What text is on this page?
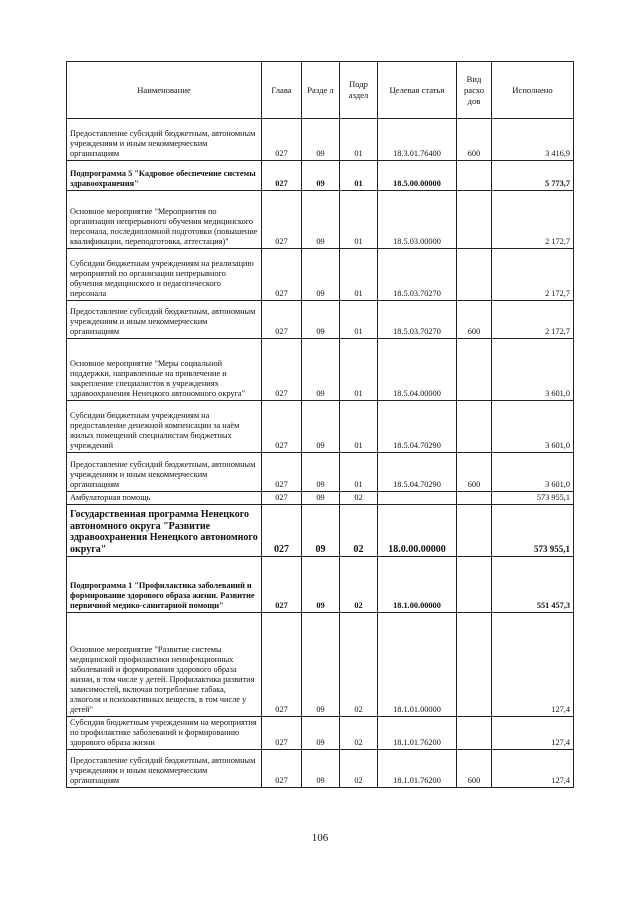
Наименование	Глава	Разде л	Подр аздел	Целевая статья	Вид расхо дов	Исполнено
Предоставление субсидий бюджетным, автономным учреждениям и иным некоммерческим организациям	027	09	01	18.3.01.76400	600	3 416,9
Подпрограмма 5 "Кадровое обеспечение системы здравоохранения"	027	09	01	18.5.00.00000		5 773,7
Основное мероприятие "Мероприятия по организации непрерывного обучения медицинского персонала, последипломной подготовки (повышение квалификации, переподготовка, аттестация)"	027	09	01	18.5.03.00000		2 172,7
Субсидии бюджетным учреждениям на реализацию мероприятий по организации непрерывного обучения медицинского и педагогического персонала	027	09	01	18.5.03.70270		2 172,7
Предоставление субсидий бюджетным, автономным учреждениям и иным некоммерческим организациям	027	09	01	18.5.03.70270	600	2 172,7
Основное мероприятие "Меры социальной поддержки, направленные на привлечение и закрепление специалистов в учреждениях здравоохранения Ненецкого автономного округа"	027	09	01	18.5.04.00000		3 601,0
Субсидии бюджетным учреждениям на предоставление денежной компенсации за наём жилых помещений специалистам бюджетных учреждений	027	09	01	18.5.04.70290		3 601,0
Предоставление субсидий бюджетным, автономным учреждениям и иным некоммерческим организациям	027	09	01	18.5.04.70290	600	3 601,0
Амбулаторная помощь	027	09	02			573 955,1
Государственная программа Ненецкого автономного округа "Развитие здравоохранения Ненецкого автономного округа"	027	09	02	18.0.00.00000		573 955,1
Подпрограмма 1 "Профилактика заболеваний и формирование здорового образа жизни. Развитие первичной медико-санитарной помощи"	027	09	02	18.1.00.00000		551 457,3
Основное мероприятие "Развитие системы медицинской профилактики неинфекционных заболеваний и формирования здорового образа жизни, в том числе у детей. Профилактика развития зависимостей, включая потребление табака, алкоголя и психоактивных веществ, в том числе у детей"	027	09	02	18.1.01.00000		127,4
Субсидия бюджетным учреждениям на мероприятия по профилактике заболеваний и формированию здорового образа жизни	027	09	02	18.1.01.76200		127,4
Предоставление субсидий бюджетным, автономным учреждениям и иным некоммерческим организациям	027	09	02	18.1.01.76200	600	127,4
106
